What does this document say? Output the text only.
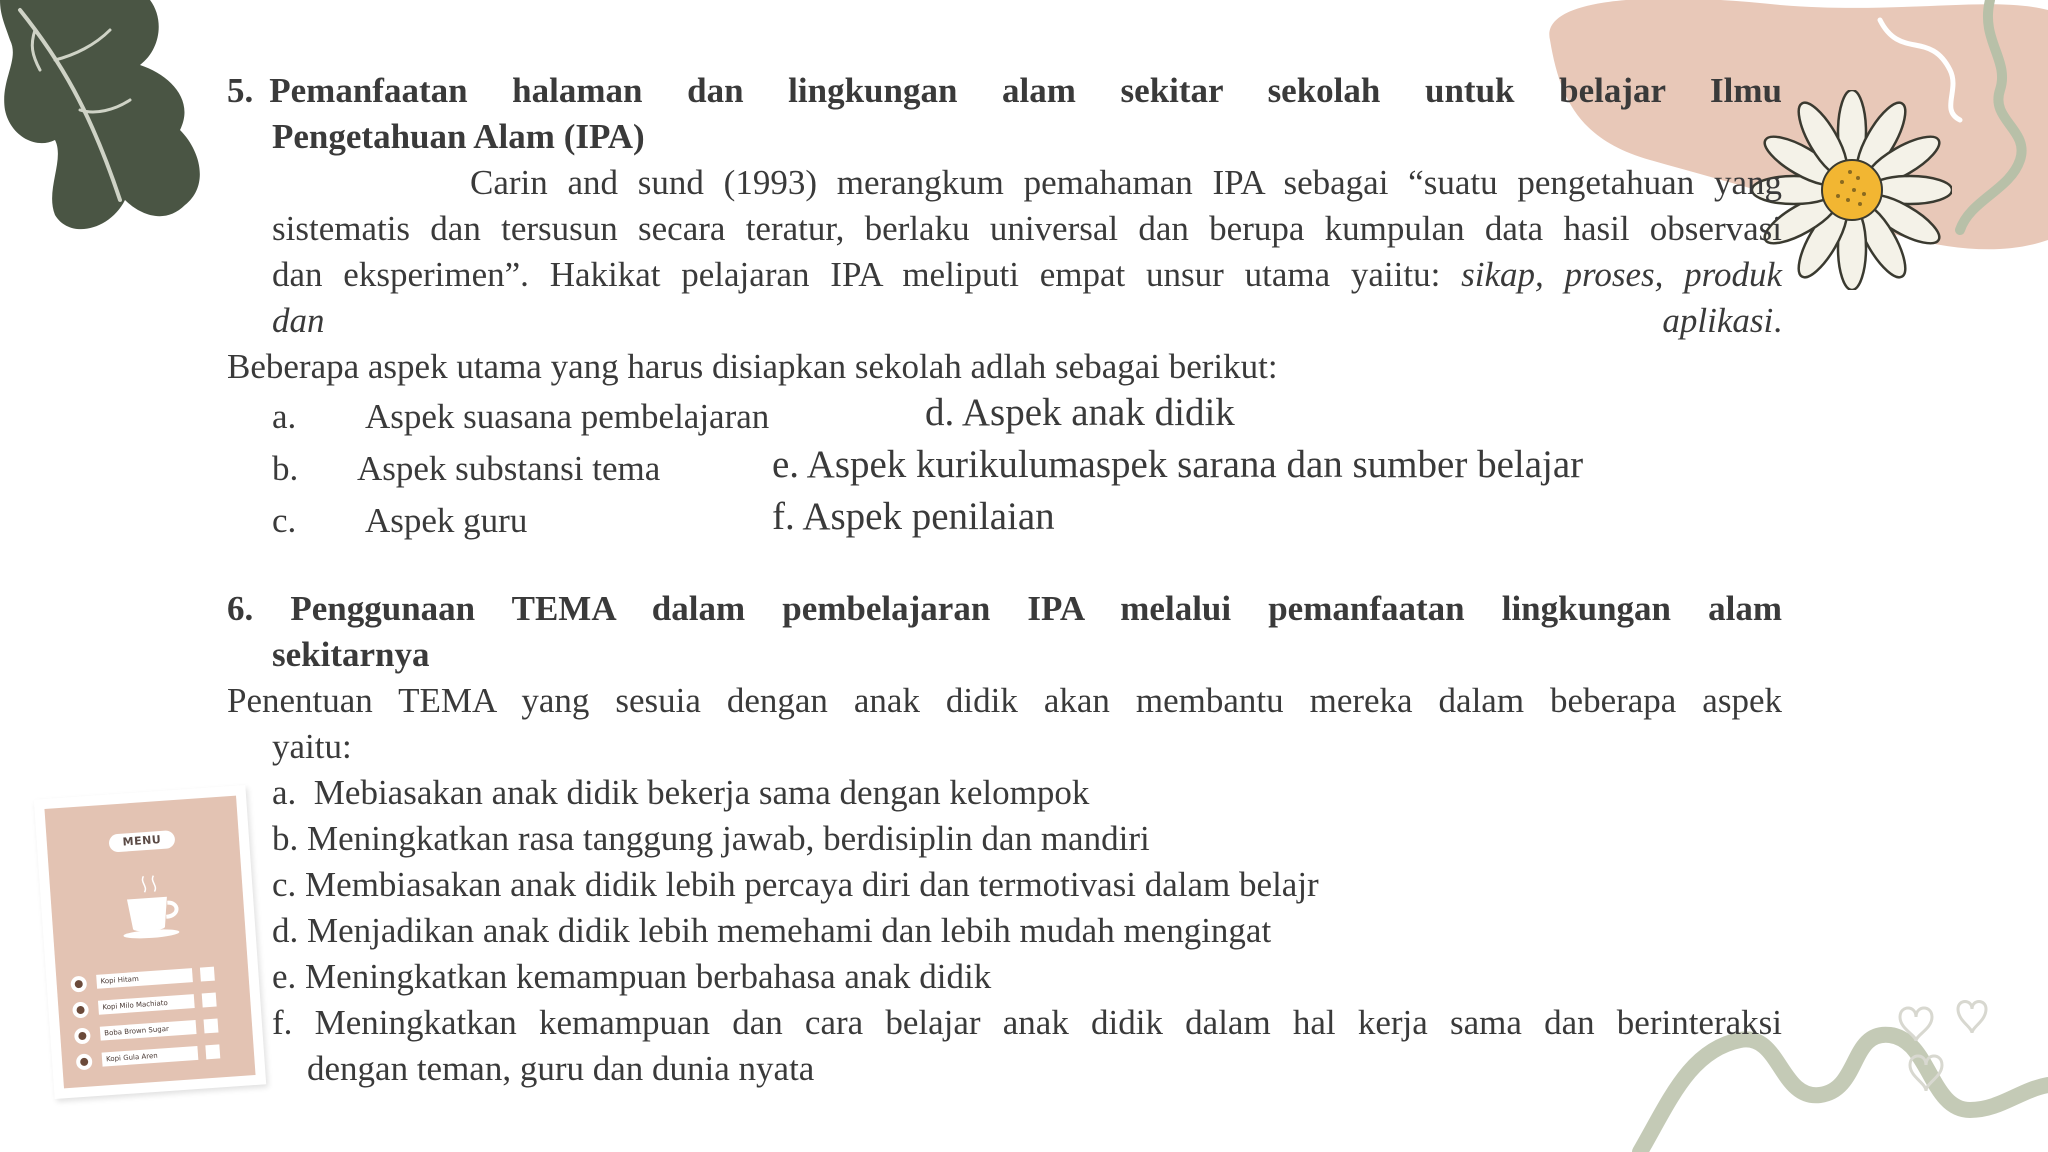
MENU
Kopi Hitam
Kopi Milo Machiato
Boba Brown Sugar
Kopi Gula Aren
5. Pemanfaatan halaman dan lingkungan alam sekitar sekolah untuk belajar Ilmu
Pengetahuan Alam (IPA)
Carin and sund (1993) merangkum pemahaman IPA sebagai “suatu pengetahuan yang
sistematis dan tersusun secara teratur, berlaku universal dan berupa kumpulan data hasil observasi
dan eksperimen”. Hakikat pelajaran IPA meliputi empat unsur utama yaiitu: sikap, proses, produk
dan aplikasi.
Beberapa aspek utama yang harus disiapkan sekolah adlah sebagai berikut:
a. Aspek suasana pembelajaran	d. Aspek anak didik
b. Aspek substansi tema	e. Aspek kurikulumaspek sarana dan sumber belajar
c. Aspek guru	f. Aspek penilaian
6. Penggunaan TEMA dalam pembelajaran IPA melalui pemanfaatan lingkungan alam
sekitarnya
Penentuan TEMA yang sesuia dengan anak didik akan membantu mereka dalam beberapa aspek
yaitu:
a.  Mebiasakan anak didik bekerja sama dengan kelompok
b. Meningkatkan rasa tanggung jawab, berdisiplin dan mandiri
c. Membiasakan anak didik lebih percaya diri dan termotivasi dalam belajr
d. Menjadikan anak didik lebih memehami dan lebih mudah mengingat
e. Meningkatkan kemampuan berbahasa anak didik
f. Meningkatkan kemampuan dan cara belajar anak didik dalam hal kerja sama dan berinteraksi
dengan teman, guru dan dunia nyata
